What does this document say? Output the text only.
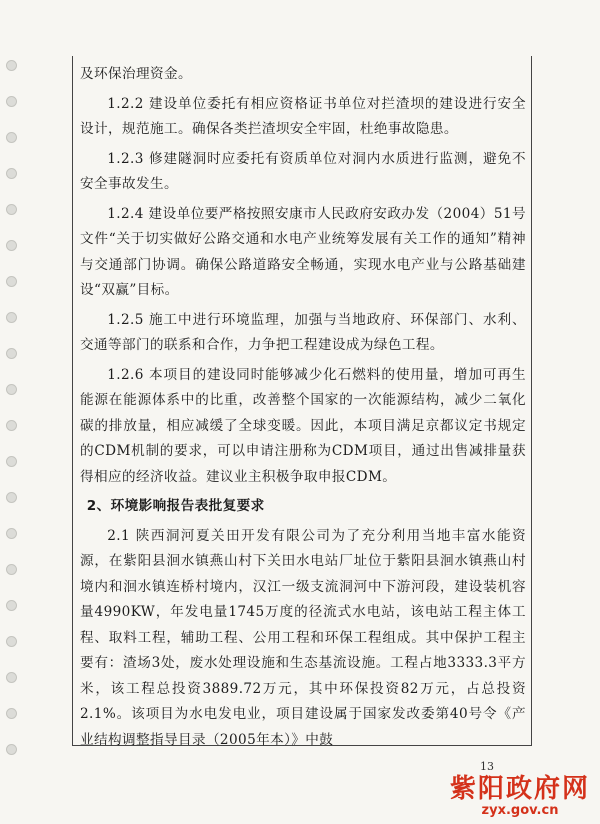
及环保治理资金。

1.2.2 建设单位委托有相应资格证书单位对拦渣坝的建设进行安全设计，规范施工。确保各类拦渣坝安全牢固，杜绝事故隐患。

1.2.3 修建隧洞时应委托有资质单位对洞内水质进行监测，避免不安全事故发生。

1.2.4 建设单位要严格按照安康市人民政府安政办发（2004）51号文件“关于切实做好公路交通和水电产业统筹发展有关工作的通知”精神与交通部门协调。确保公路道路安全畅通，实现水电产业与公路基础建设“双赢”目标。

1.2.5 施工中进行环境监理，加强与当地政府、环保部门、水利、交通等部门的联系和合作，力争把工程建设成为绿色工程。

1.2.6 本项目的建设同时能够减少化石燃料的使用量，增加可再生能源在能源体系中的比重，改善整个国家的一次能源结构，减少二氧化碳的排放量，相应减缓了全球变暖。因此，本项目满足京都议定书规定的CDM机制的要求，可以申请注册称为CDM项目，通过出售减排量获得相应的经济收益。建议业主积极争取申报CDM。

2、环境影响报告表批复要求

2.1 陕西洞河夏关田开发有限公司为了充分利用当地丰富水能资源，在紫阳县洄水镇燕山村下关田水电站厂址位于紫阳县洄水镇燕山村境内和洄水镇连桥村境内，汉江一级支流洞河中下游河段，建设装机容量4990KW，年发电量1745万度的径流式水电站，该电站工程主体工程、取料工程，辅助工程、公用工程和环保工程组成。其中保护工程主要有：渣场3处，废水处理设施和生态基流设施。工程占地3333.3平方米，该工程总投资3889.72万元，其中环保投资82万元，占总投资2.1%。该项目为水电发电业，项目建设属于国家发改委第40号令《产业结构调整指导目录（2005年本）》中鼓

13
紫阳政府网
zyx.gov.cn
